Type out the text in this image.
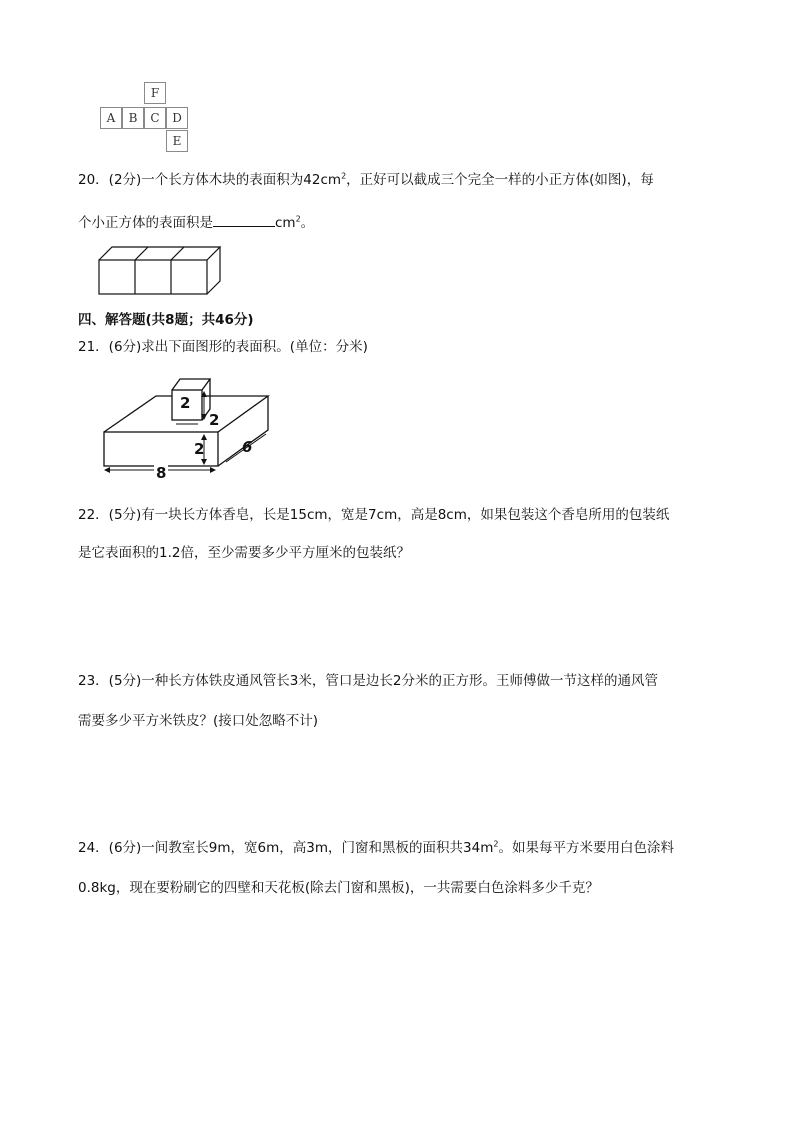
F
A	B	C	D
E
20．(2分)一个长方体木块的表面积为$42cm^2$，正好可以截成三个完全一样的小正方体(如图)，每
个小正方体的表面积是	$cm^2$。
四、解答题(共8题；共46分)
21．(6分)求出下面图形的表面积。(单位：分米)
2
2
2	6
8
22．(5分)有一块长方体香皂，长是15cm，宽是7cm，高是8cm，如果包装这个香皂所用的包装纸
是它表面积的1.2倍，至少需要多少平方厘米的包装纸？
23．(5分)一种长方体铁皮通风管长3米，管口是边长2分米的正方形。王师傅做一节这样的通风管
需要多少平方米铁皮？(接口处忽略不计)
24．(6分)一间教室长9m，宽6m，高3m，门窗和黑板的面积共$34m^2$。如果每平方米要用白色涂料
0.8kg，现在要粉刷它的四壁和天花板(除去门窗和黑板)，一共需要白色涂料多少千克？
